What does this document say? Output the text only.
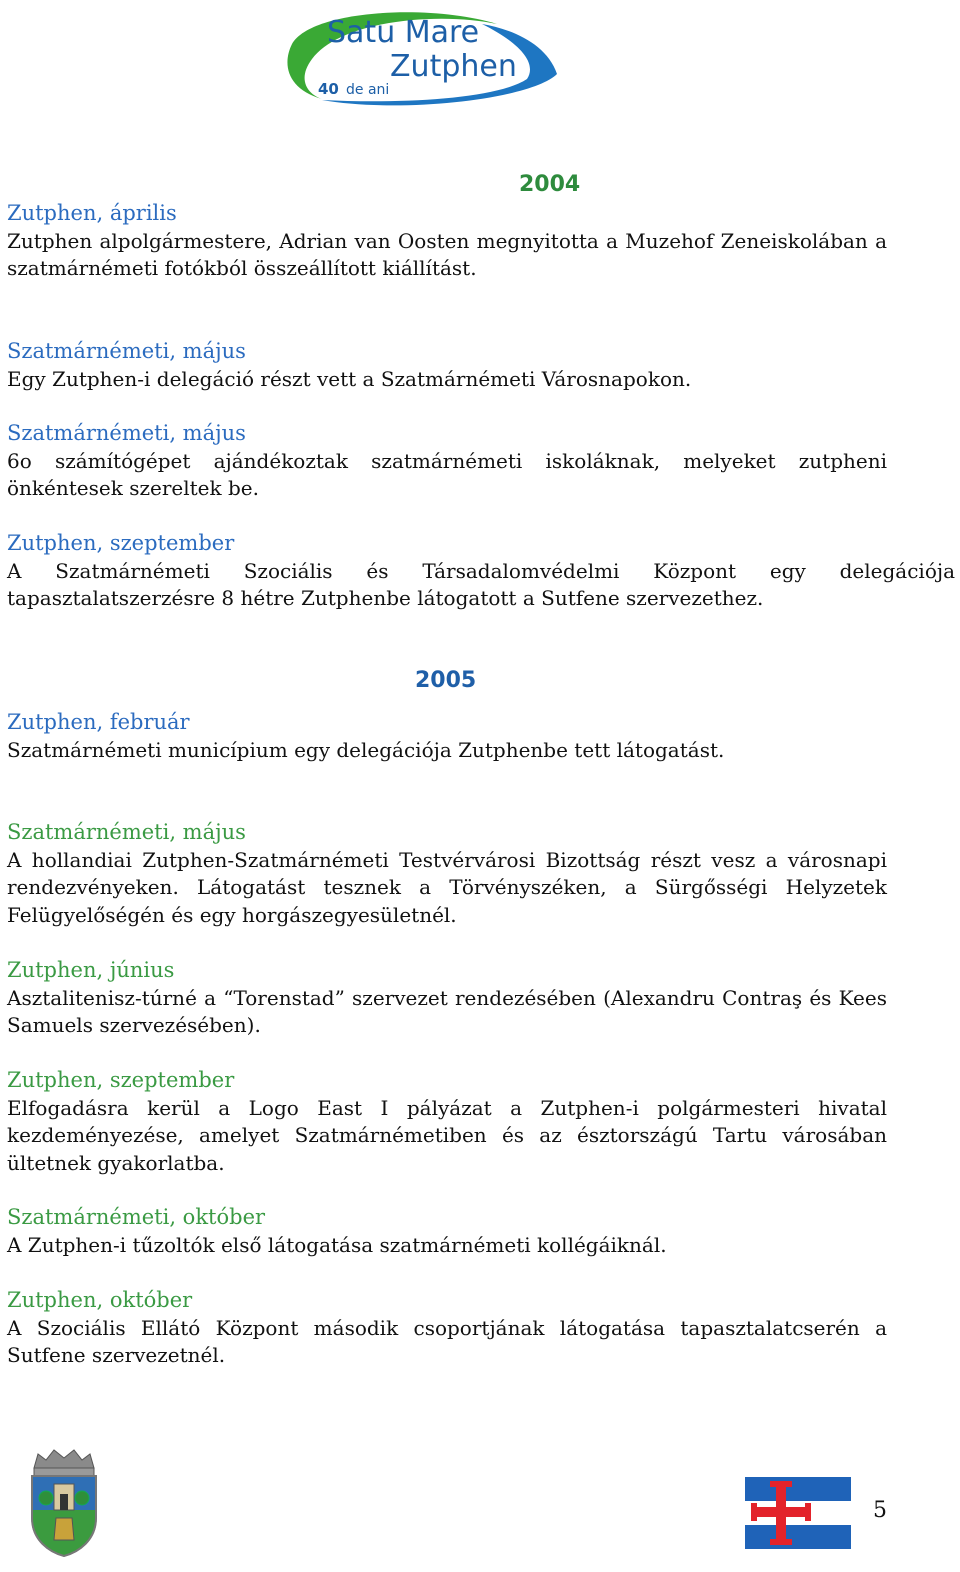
Satu Mare
Zutphen
40 de ani
2004

Zutphen, április

Zutphen alpolgármestere, Adrian van Oosten megnyitotta a Muzehof Zeneiskolában a szatmárnémeti fotókból összeállított kiállítást.

Szatmárnémeti, május

Egy Zutphen-i delegáció részt vett a Szatmárnémeti Városnapokon.

Szatmárnémeti, május

6o számítógépet ajándékoztak szatmárnémeti iskoláknak, melyeket zutpheni önkéntesek szereltek be.

Zutphen, szeptember

A Szatmárnémeti Szociális és Társadalomvédelmi Központ egy delegációja tapasztalatszerzésre 8 hétre Zutphenbe látogatott a Sutfene szervezethez.

2005

Zutphen, február

Szatmárnémeti municípium egy delegációja Zutphenbe tett látogatást.

Szatmárnémeti, május

A hollandiai Zutphen-Szatmárnémeti Testvérvárosi Bizottság részt vesz a városnapi rendezvényeken. Látogatást tesznek a Törvényszéken, a Sürgősségi Helyzetek Felügyelőségén és egy horgászegyesületnél.

Zutphen, június

Asztalitenisz-túrné a “Torenstad” szervezet rendezésében (Alexandru Contraş és Kees Samuels szervezésében).

Zutphen, szeptember

Elfogadásra kerül a Logo East I pályázat a Zutphen-i polgármesteri hivatal kezdeményezése, amelyet Szatmárnémetiben és az észtországú Tartu városában ültetnek gyakorlatba.

Szatmárnémeti, október

A Zutphen-i tűzoltók első látogatása szatmárnémeti kollégáiknál.

Zutphen, október

A Szociális Ellátó Központ második csoportjának látogatása tapasztalatcserén a Sutfene szervezetnél.

5
